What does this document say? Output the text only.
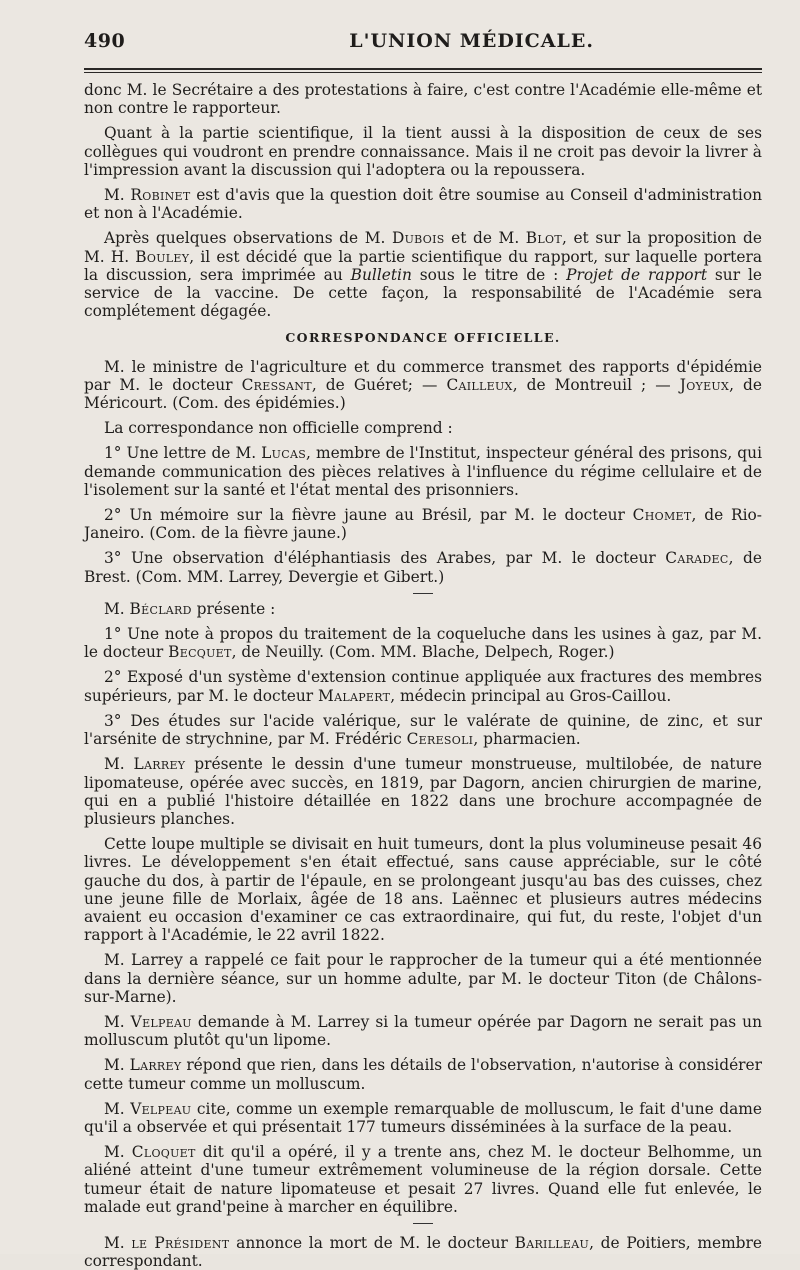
490	L'UNION MÉDICALE.

donc M. le Secrétaire a des protestations à faire, c'est contre l'Académie elle-même et non contre le rapporteur.

Quant à la partie scientifique, il la tient aussi à la disposition de ceux de ses collègues qui voudront en prendre connaissance. Mais il ne croit pas devoir la livrer à l'impression avant la discussion qui l'adoptera ou la repoussera.

M. Robinet est d'avis que la question doit être soumise au Conseil d'administration et non à l'Académie.

Après quelques observations de M. Dubois et de M. Blot, et sur la proposition de M. H. Bouley, il est décidé que la partie scientifique du rapport, sur laquelle portera la discussion, sera imprimée au Bulletin sous le titre de : Projet de rapport sur le service de la vaccine. De cette façon, la responsabilité de l'Académie sera complétement dégagée.

CORRESPONDANCE OFFICIELLE.

M. le ministre de l'agriculture et du commerce transmet des rapports d'épidémie par M. le docteur Cressant, de Guéret; — Cailleux, de Montreuil ; — Joyeux, de Méricourt. (Com. des épidémies.)

La correspondance non officielle comprend :

1° Une lettre de M. Lucas, membre de l'Institut, inspecteur général des prisons, qui demande communication des pièces relatives à l'influence du régime cellulaire et de l'isolement sur la santé et l'état mental des prisonniers.

2° Un mémoire sur la fièvre jaune au Brésil, par M. le docteur Chomet, de Rio-Janeiro. (Com. de la fièvre jaune.)

3° Une observation d'éléphantiasis des Arabes, par M. le docteur Caradec, de Brest. (Com. MM. Larrey, Devergie et Gibert.)

M. Béclard présente :

1° Une note à propos du traitement de la coqueluche dans les usines à gaz, par M. le docteur Becquet, de Neuilly. (Com. MM. Blache, Delpech, Roger.)

2° Exposé d'un système d'extension continue appliquée aux fractures des membres supérieurs, par M. le docteur Malapert, médecin principal au Gros-Caillou.

3° Des études sur l'acide valérique, sur le valérate de quinine, de zinc, et sur l'arsénite de strychnine, par M. Frédéric Ceresoli, pharmacien.

M. Larrey présente le dessin d'une tumeur monstrueuse, multilobée, de nature lipomateuse, opérée avec succès, en 1819, par Dagorn, ancien chirurgien de marine, qui en a publié l'histoire détaillée en 1822 dans une brochure accompagnée de plusieurs planches.

Cette loupe multiple se divisait en huit tumeurs, dont la plus volumineuse pesait 46 livres. Le développement s'en était effectué, sans cause appréciable, sur le côté gauche du dos, à partir de l'épaule, en se prolongeant jusqu'au bas des cuisses, chez une jeune fille de Morlaix, âgée de 18 ans. Laënnec et plusieurs autres médecins avaient eu occasion d'examiner ce cas extraordinaire, qui fut, du reste, l'objet d'un rapport à l'Académie, le 22 avril 1822.

M. Larrey a rappelé ce fait pour le rapprocher de la tumeur qui a été mentionnée dans la dernière séance, sur un homme adulte, par M. le docteur Titon (de Châlons-sur-Marne).

M. Velpeau demande à M. Larrey si la tumeur opérée par Dagorn ne serait pas un molluscum plutôt qu'un lipome.

M. Larrey répond que rien, dans les détails de l'observation, n'autorise à considérer cette tumeur comme un molluscum.

M. Velpeau cite, comme un exemple remarquable de molluscum, le fait d'une dame qu'il a observée et qui présentait 177 tumeurs disséminées à la surface de la peau.

M. Cloquet dit qu'il a opéré, il y a trente ans, chez M. le docteur Belhomme, un aliéné atteint d'une tumeur extrêmement volumineuse de la région dorsale. Cette tumeur était de nature lipomateuse et pesait 27 livres. Quand elle fut enlevée, le malade eut grand'peine à marcher en équilibre.

M. le Président annonce la mort de M. le docteur Barilleau, de Poitiers, membre correspondant.
